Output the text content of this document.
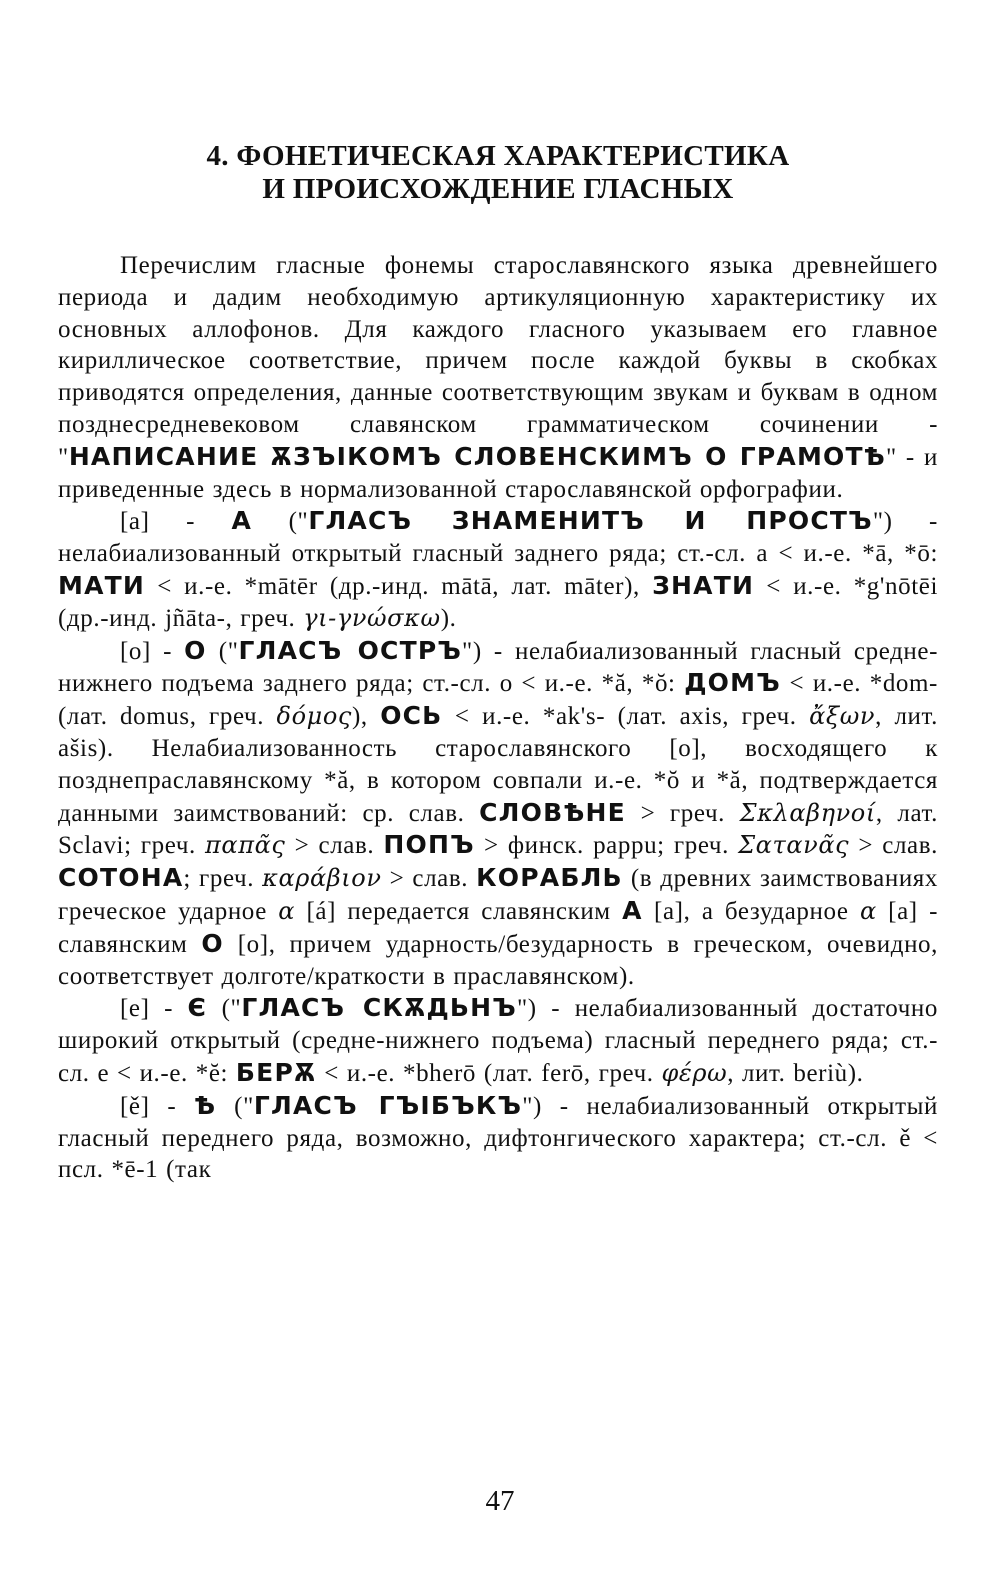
4. ФОНЕТИЧЕСКАЯ ХАРАКТЕРИСТИКА
И ПРОИСХОЖДЕНИЕ ГЛАСНЫХ

Перечислим гласные фонемы старославянского языка древнейшего периода и дадим необходимую артикуляционную характеристику их основных аллофонов. Для каждого гласного указываем его главное кириллическое соответствие, причем после каждой буквы в скобках приводятся определения, данные соответствующим звукам и буквам в одном позднесредневековом славянском грамматическом сочинении - "НАПИСАНИЕ ѪЗЪIКОМЪ СЛОВЕНСКИМЪ О ГРАМОТѢ" - и приведенные здесь в нормализованной старославянской орфографии.

[a] - А ("ГЛАСЪ ЗНАМЕНИТЪ И ПРОСТЪ") - нелабиализованный открытый гласный заднего ряда; ст.-сл. а < и.-е. *ā, *ō: МАТИ < и.-е. *mātēr (др.-инд. mātā, лат. māter), ЗНАТИ < и.-е. *g'nōtēi (др.-инд. jñāta-, греч. γι-γνώσκω).

[o] - О ("ГЛАСЪ ОСТРЪ") - нелабиализованный гласный средне-нижнего подъема заднего ряда; ст.-сл. о < и.-е. *ă, *ŏ: ДОМЪ < и.-е. *dom- (лат. domus, греч. δόμος), ОСЬ < и.-е. *ak's- (лат. axis, греч. ἄξων, лит. ašis). Нелабиализованность старославянского [o], восходящего к позднепраславянскому *ă, в котором совпали и.-е. *ŏ и *ă, подтверждается данными заимствований: ср. слав. СЛОВѢНЕ > греч. Σκλαβηνοί, лат. Sclavi; греч. παπᾶς > слав. ПОПЪ > финск. pappu; греч. Σατανᾶς > слав. СОТОНА; греч. καράβιον > слав. КОРАБЛЬ (в древних заимствованиях греческое ударное α [á] передается славянским А [a], а безударное α [a] - славянским О [o], причем ударность/безударность в греческом, очевидно, соответствует долготе/краткости в праславянском).

[e] - Є ("ГЛАСЪ СКѪДЬНЪ") - нелабиализованный достаточно широкий открытый (средне-нижнего подъема) гласный переднего ряда; ст.-сл. е < и.-е. *ĕ: БЕРѪ < и.-е. *bherō (лат. ferō, греч. φέρω, лит. beriù).

[ě] - Ѣ ("ГЛАСЪ ГЪIБЪКЪ") - нелабиализованный открытый гласный переднего ряда, возможно, дифтонгического характера; ст.-сл. ě < псл. *ē-1 (так

47
